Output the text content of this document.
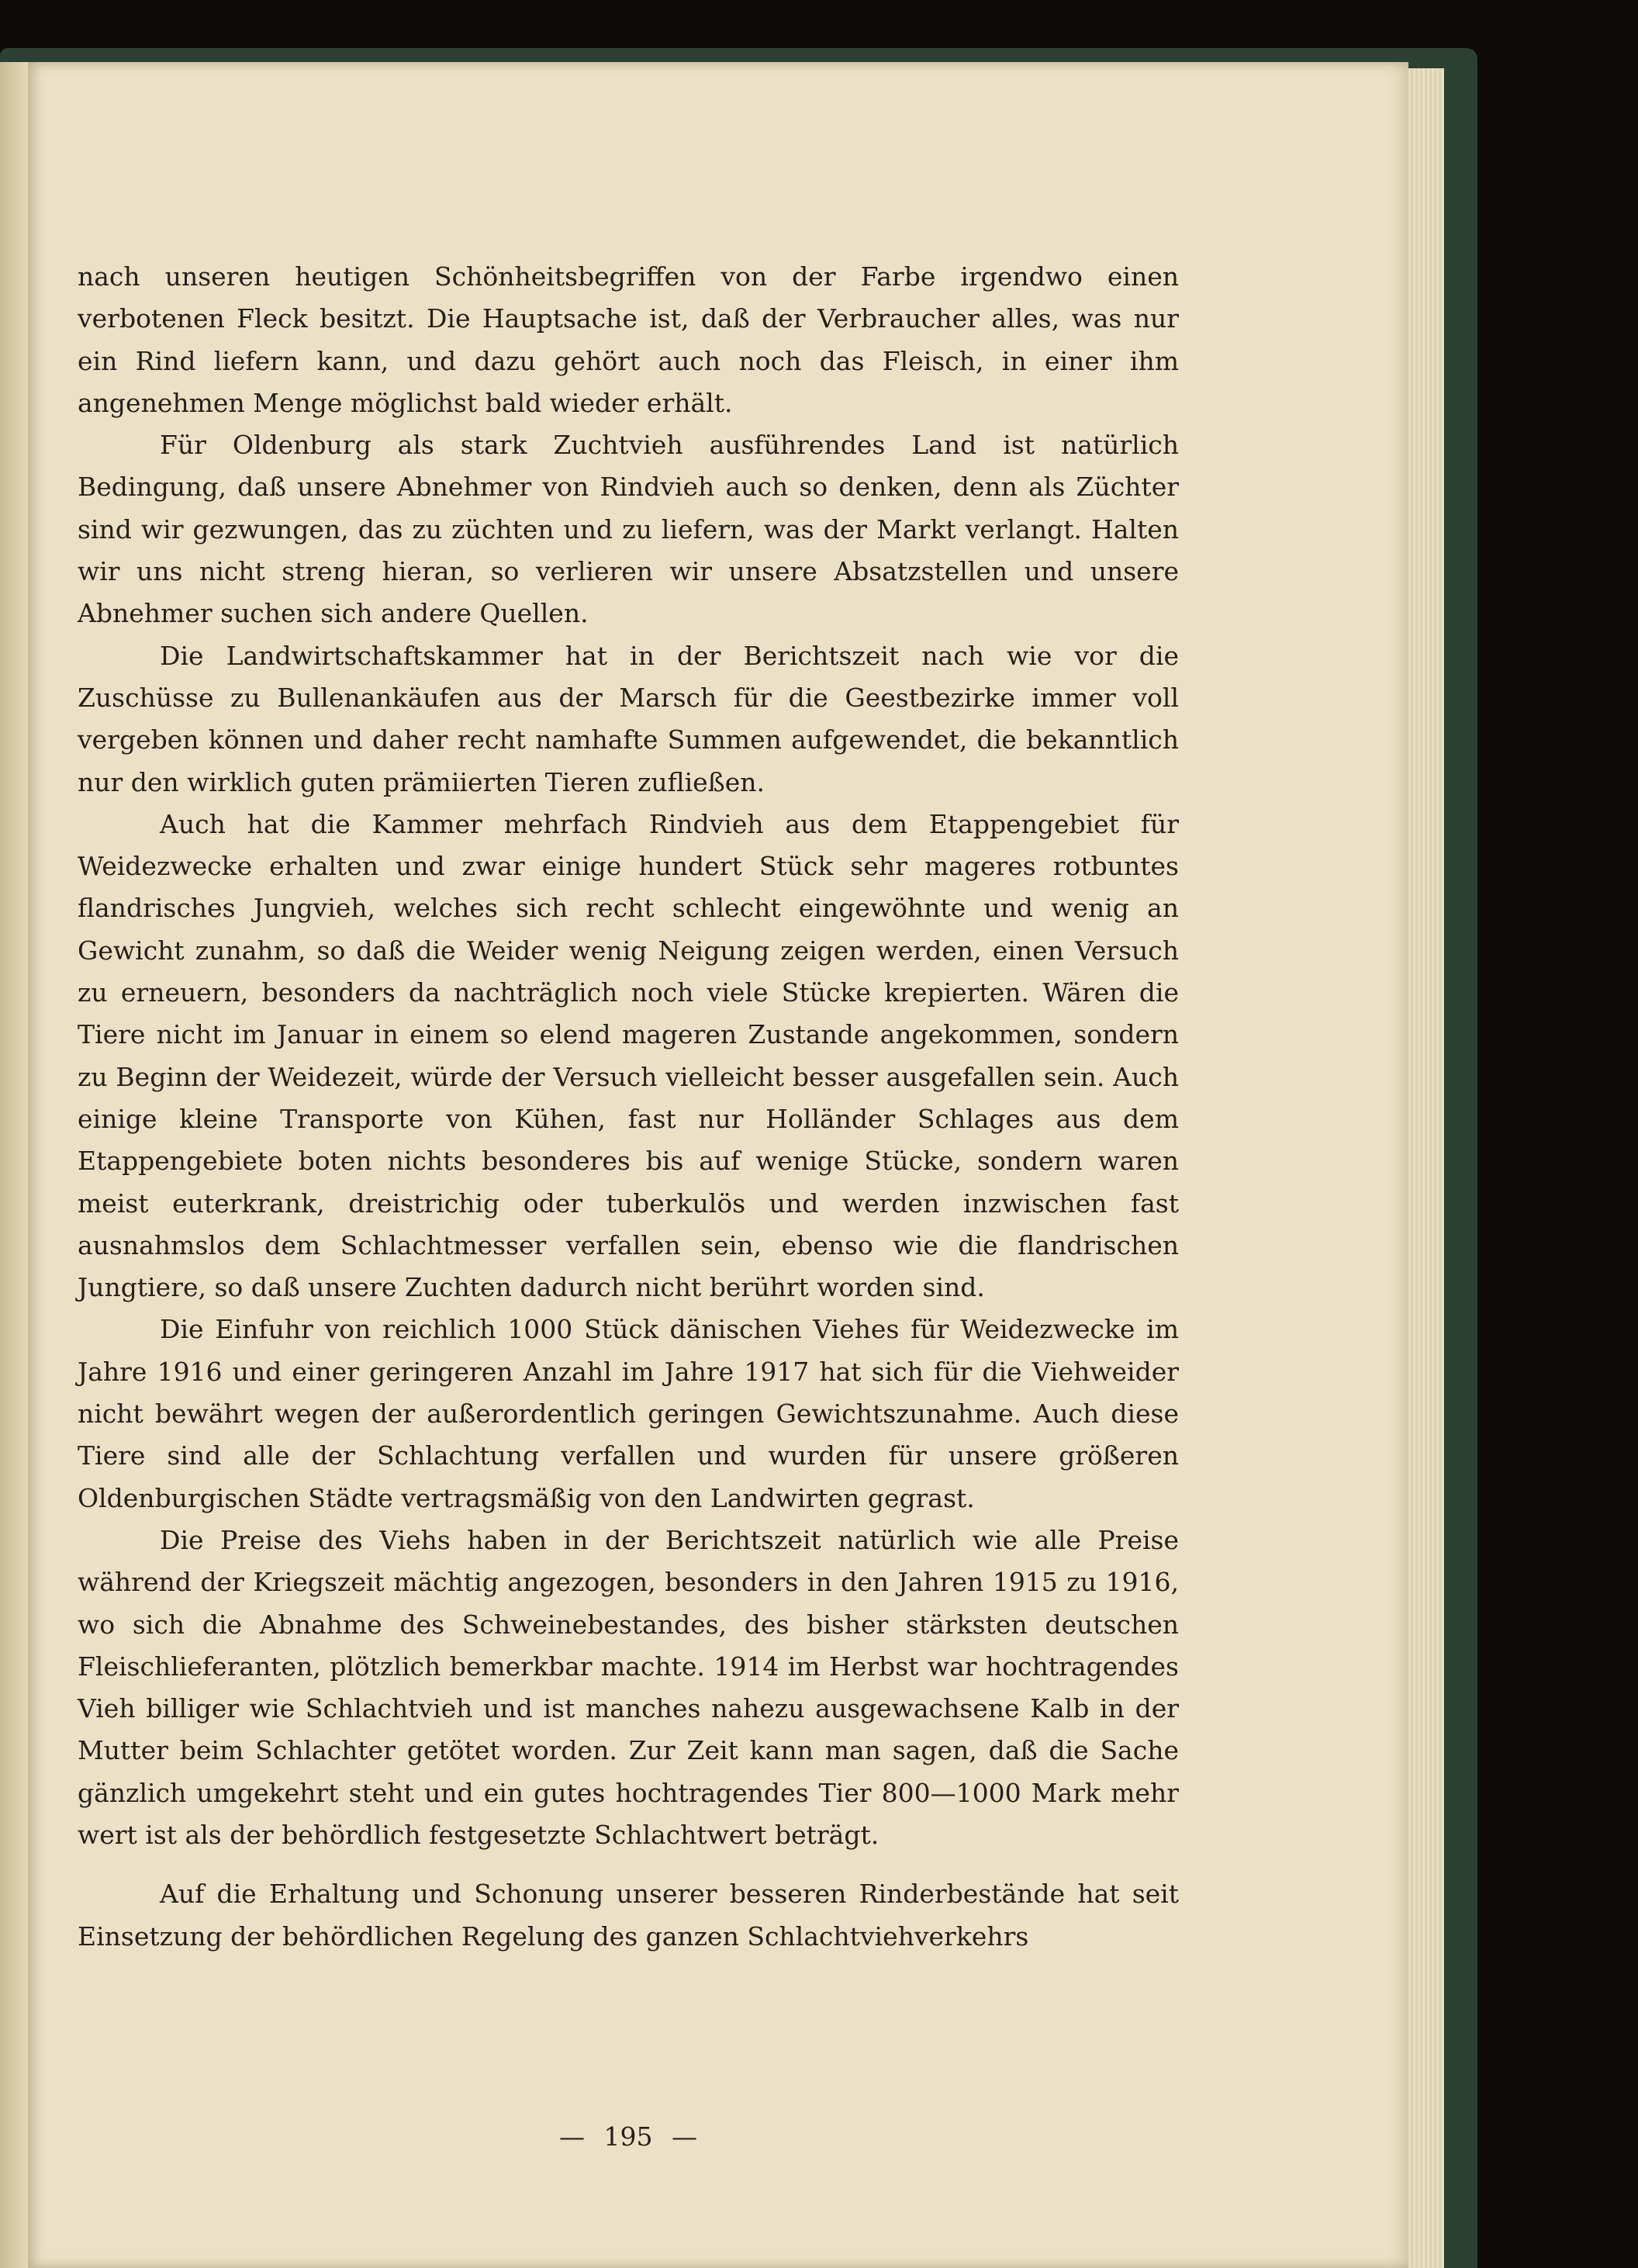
nach unseren heutigen Schönheitsbegriffen von der Farbe irgendwo einen verbotenen Fleck besitzt. Die Hauptsache ist, daß der Verbraucher alles, was nur ein Rind liefern kann, und dazu gehört auch noch das Fleisch, in einer ihm angenehmen Menge möglichst bald wieder erhält.

Für Oldenburg als stark Zuchtvieh ausführendes Land ist natürlich Bedingung, daß unsere Abnehmer von Rindvieh auch so denken, denn als Züchter sind wir gezwungen, das zu züchten und zu liefern, was der Markt verlangt. Halten wir uns nicht streng hieran, so verlieren wir unsere Absatzstellen und unsere Abnehmer suchen sich andere Quellen.

Die Landwirtschaftskammer hat in der Berichtszeit nach wie vor die Zuschüsse zu Bullenankäufen aus der Marsch für die Geestbezirke immer voll vergeben können und daher recht namhafte Summen aufgewendet, die bekanntlich nur den wirklich guten prämiierten Tieren zufließen.

Auch hat die Kammer mehrfach Rindvieh aus dem Etappengebiet für Weidezwecke erhalten und zwar einige hundert Stück sehr mageres rotbuntes flandrisches Jungvieh, welches sich recht schlecht eingewöhnte und wenig an Gewicht zunahm, so daß die Weider wenig Neigung zeigen werden, einen Versuch zu erneuern, besonders da nachträglich noch viele Stücke krepierten. Wären die Tiere nicht im Januar in einem so elend mageren Zustande angekommen, sondern zu Beginn der Weidezeit, würde der Versuch vielleicht besser ausgefallen sein. Auch einige kleine Transporte von Kühen, fast nur Holländer Schlages aus dem Etappengebiete boten nichts besonderes bis auf wenige Stücke, sondern waren meist euterkrank, dreistrichig oder tuberkulös und werden inzwischen fast ausnahmslos dem Schlachtmesser verfallen sein, ebenso wie die flandrischen Jungtiere, so daß unsere Zuchten dadurch nicht berührt worden sind.

Die Einfuhr von reichlich 1000 Stück dänischen Viehes für Weidezwecke im Jahre 1916 und einer geringeren Anzahl im Jahre 1917 hat sich für die Viehweider nicht bewährt wegen der außerordentlich geringen Gewichtszunahme. Auch diese Tiere sind alle der Schlachtung verfallen und wurden für unsere größeren Oldenburgischen Städte vertragsmäßig von den Landwirten gegrast.

Die Preise des Viehs haben in der Berichtszeit natürlich wie alle Preise während der Kriegszeit mächtig angezogen, besonders in den Jahren 1915 zu 1916, wo sich die Abnahme des Schweinebestandes, des bisher stärksten deutschen Fleischlieferanten, plötzlich bemerkbar machte. 1914 im Herbst war hochtragendes Vieh billiger wie Schlachtvieh und ist manches nahezu ausgewachsene Kalb in der Mutter beim Schlachter getötet worden. Zur Zeit kann man sagen, daß die Sache gänzlich umgekehrt steht und ein gutes hochtragendes Tier 800—1000 Mark mehr wert ist als der behördlich festgesetzte Schlachtwert beträgt.

Auf die Erhaltung und Schonung unserer besseren Rinderbestände hat seit Einsetzung der behördlichen Regelung des ganzen Schlachtviehverkehrs

— 195 —
